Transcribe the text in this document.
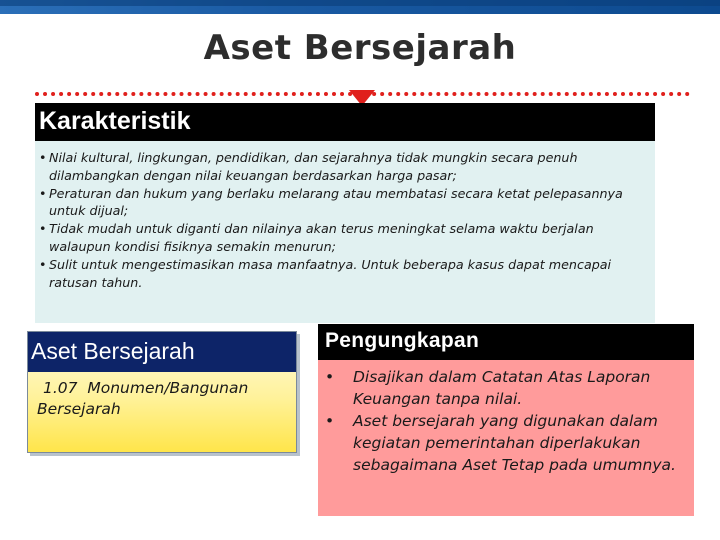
Aset Bersejarah
Karakteristik
• Nilai kultural, lingkungan, pendidikan, dan sejarahnya tidak mungkin secara penuh dilambangkan dengan nilai keuangan berdasarkan harga pasar;
• Peraturan dan hukum yang berlaku melarang atau membatasi secara ketat pelepasannya untuk dijual;
• Tidak mudah untuk diganti dan nilainya akan terus meningkat selama waktu berjalan walaupun kondisi fisiknya semakin menurun;
• Sulit untuk mengestimasikan masa manfaatnya. Untuk beberapa kasus dapat mencapai ratusan tahun.
Aset Bersejarah
1.07 Monumen/Bangunan Bersejarah
Pengungkapan
• Disajikan dalam Catatan Atas Laporan Keuangan tanpa nilai.
• Aset bersejarah yang digunakan dalam kegiatan pemerintahan diperlakukan sebagaimana Aset Tetap pada umumnya.
